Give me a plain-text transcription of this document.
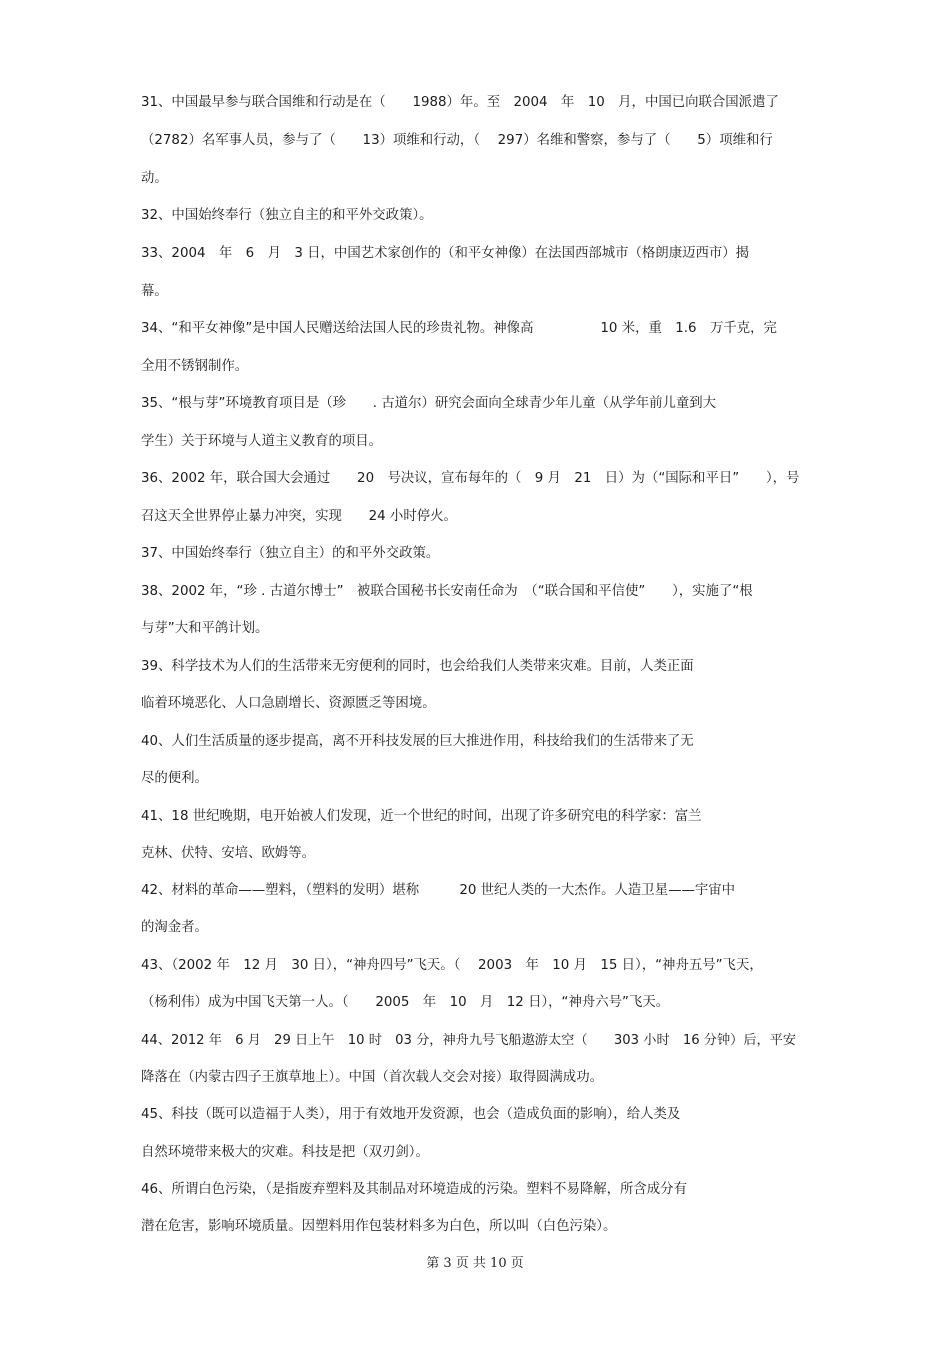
31、中国最早参与联合国维和行动是在（　　1988）年。至　2004　年　10　月，中国已向联合国派遣了
（2782）名军事人员，参与了（　　13）项维和行动，（　 297）名维和警察，参与了（　　5）项维和行
动。
32、中国始终奉行（独立自主的和平外交政策）。
33、2004　年　6　月　3 日，中国艺术家创作的（和平女神像）在法国西部城市（格朗康迈西市）揭
幕。
34、“和平女神像”是中国人民赠送给法国人民的珍贵礼物。神像高　　　　　10 米，重　1.6　万千克，完
全用不锈钢制作。
35、“根与芽”环境教育项目是（珍　　. 古道尔）研究会面向全球青少年儿童（从学年前儿童到大
学生）关于环境与人道主义教育的项目。
36、2002 年，联合国大会通过　　20　号决议，宣布每年的（　9 月　21　日）为（“国际和平日”　　），号
召这天全世界停止暴力冲突，实现　　24 小时停火。
37、中国始终奉行（独立自主）的和平外交政策。
38、2002 年，“珍 . 古道尔博士”　被联合国秘书长安南任命为　（“联合国和平信使”　　），实施了“根
与芽”大和平鸽计划。
39、科学技术为人们的生活带来无穷便利的同时，也会给我们人类带来灾难。目前，人类正面
临着环境恶化、人口急剧增长、资源匮乏等困境。
40、人们生活质量的逐步提高，离不开科技发展的巨大推进作用，科技给我们的生活带来了无
尽的便利。
41、18 世纪晚期，电开始被人们发现，近一个世纪的时间，出现了许多研究电的科学家：富兰
克林、伏特、安培、欧姆等。
42、材料的革命——塑料，（塑料的发明）堪称　　　20 世纪人类的一大杰作。人造卫星——宇宙中
的淘金者。
43、（2002 年　12 月　30 日），“神舟四号”飞天。（　 2003　年　10 月　15 日），“神舟五号”飞天，
（杨利伟）成为中国飞天第一人。（　　2005　年　10　月　12 日），“神舟六号”飞天。
44、2012 年　6 月　29 日上午　10 时　03 分，神舟九号飞船遨游太空（　　303 小时　16 分钟）后，平安
降落在（内蒙古四子王旗草地上）。中国（首次载人交会对接）取得圆满成功。
45、科技（既可以造福于人类），用于有效地开发资源，也会（造成负面的影响），给人类及
自然环境带来极大的灾难。科技是把（双刃剑）。
46、所谓白色污染，（是指废弃塑料及其制品对环境造成的污染。塑料不易降解，所含成分有
潜在危害，影响环境质量。因塑料用作包装材料多为白色，所以叫（白色污染）。
第 3 页 共 10 页
